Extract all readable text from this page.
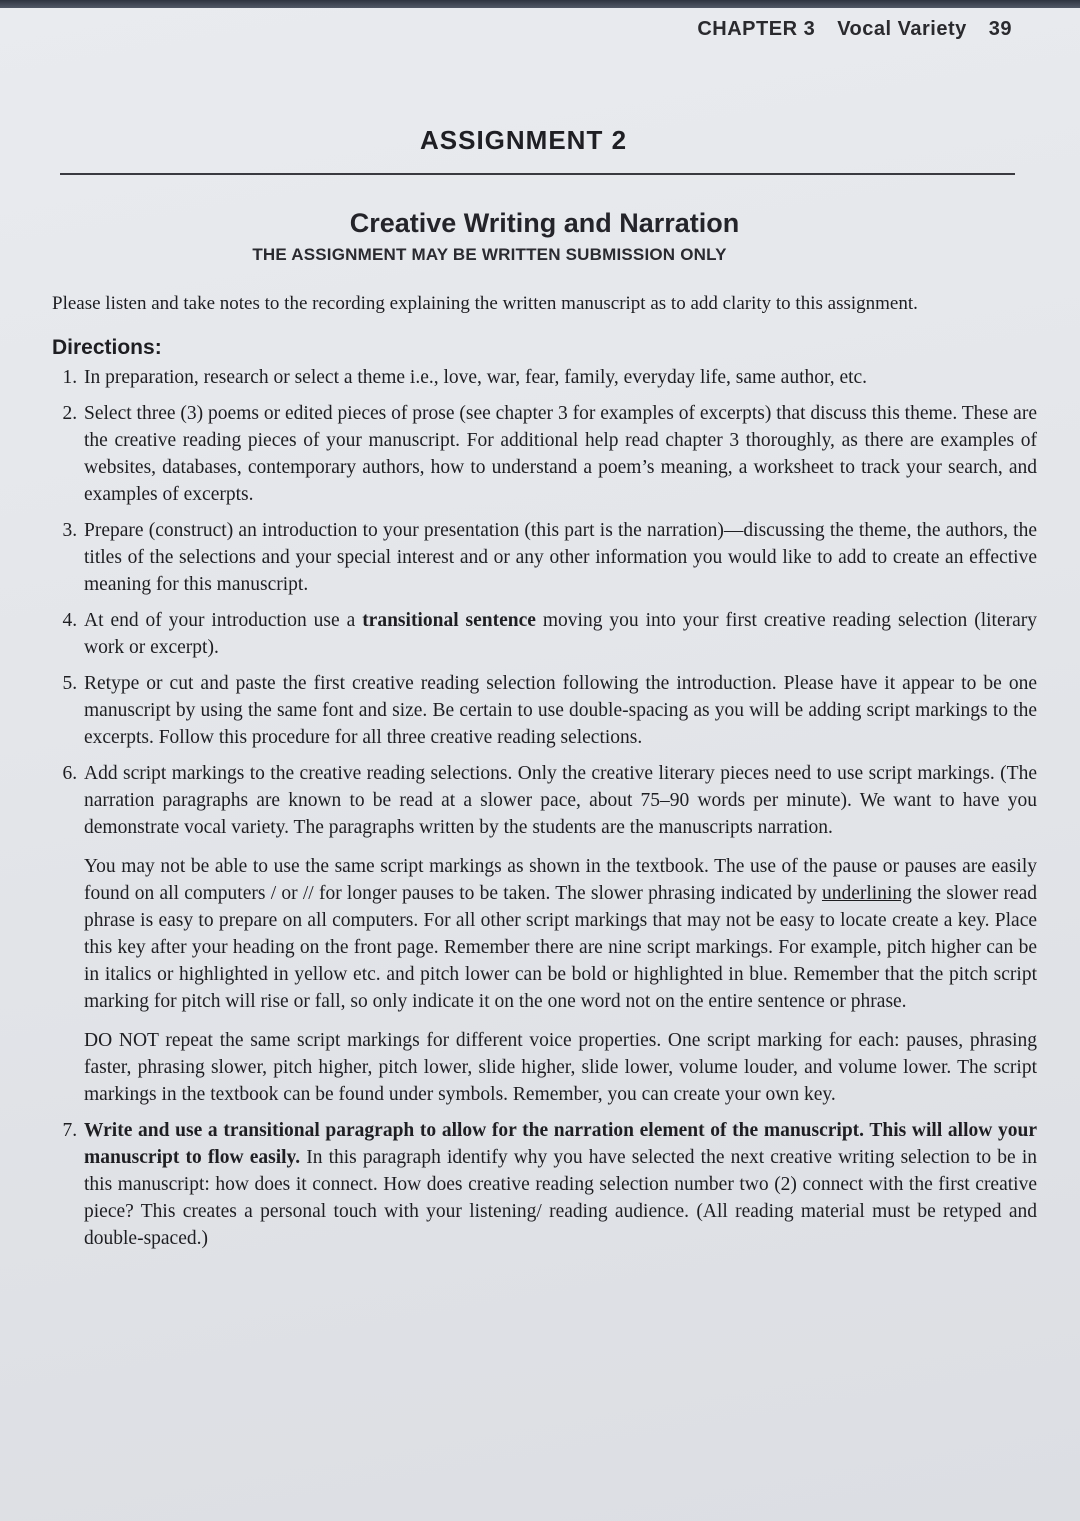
CHAPTER 3 Vocal Variety 39
ASSIGNMENT 2
Creative Writing and Narration
THE ASSIGNMENT MAY BE WRITTEN SUBMISSION ONLY

Please listen and take notes to the recording explaining the written manuscript as to add clarity to this assignment.

Directions:
1. In preparation, research or select a theme i.e., love, war, fear, family, everyday life, same author, etc.
2. Select three (3) poems or edited pieces of prose (see chapter 3 for examples of excerpts) that discuss this theme. These are the creative reading pieces of your manuscript. For additional help read chapter 3 thoroughly, as there are examples of websites, databases, contemporary authors, how to understand a poem’s meaning, a worksheet to track your search, and examples of excerpts.
3. Prepare (construct) an introduction to your presentation (this part is the narration)—discussing the theme, the authors, the titles of the selections and your special interest and or any other information you would like to add to create an effective meaning for this manuscript.
4. At end of your introduction use a transitional sentence moving you into your first creative reading selection (literary work or excerpt).
5. Retype or cut and paste the first creative reading selection following the introduction. Please have it appear to be one manuscript by using the same font and size. Be certain to use double-spacing as you will be adding script markings to the excerpts. Follow this procedure for all three creative reading selections.
6. Add script markings to the creative reading selections. Only the creative literary pieces need to use script markings. (The narration paragraphs are known to be read at a slower pace, about 75–90 words per minute). We want to have you demonstrate vocal variety. The paragraphs written by the students are the manuscripts narration.
You may not be able to use the same script markings as shown in the textbook. The use of the pause or pauses are easily found on all computers / or // for longer pauses to be taken. The slower phrasing indicated by underlining the slower read phrase is easy to prepare on all computers. For all other script markings that may not be easy to locate create a key. Place this key after your heading on the front page. Remember there are nine script markings. For example, pitch higher can be in italics or highlighted in yellow etc. and pitch lower can be bold or highlighted in blue. Remember that the pitch script marking for pitch will rise or fall, so only indicate it on the one word not on the entire sentence or phrase.
DO NOT repeat the same script markings for different voice properties. One script marking for each: pauses, phrasing faster, phrasing slower, pitch higher, pitch lower, slide higher, slide lower, volume louder, and volume lower. The script markings in the textbook can be found under symbols. Remember, you can create your own key.
7. Write and use a transitional paragraph to allow for the narration element of the manuscript. This will allow your manuscript to flow easily. In this paragraph identify why you have selected the next creative writing selection to be in this manuscript: how does it connect. How does creative reading selection number two (2) connect with the first creative piece? This creates a personal touch with your listening/ reading audience. (All reading material must be retyped and double-spaced.)
